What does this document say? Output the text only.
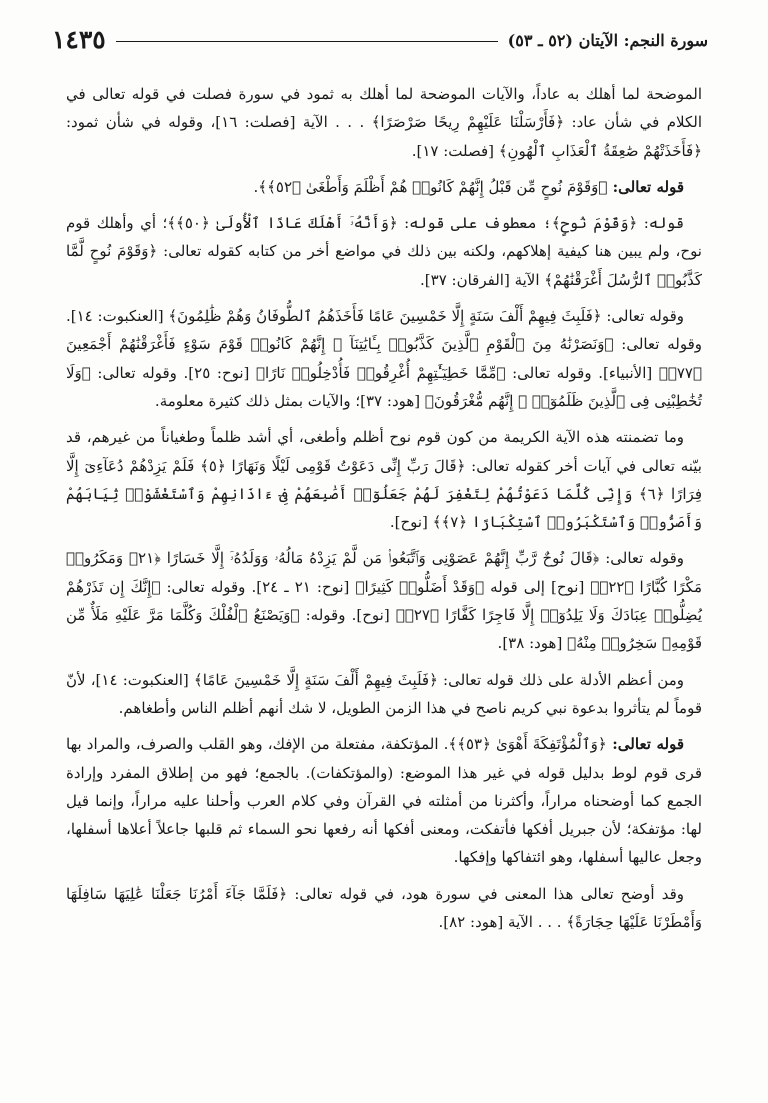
سورة النجم: الآيتان (٥٢ ـ ٥٣)
١٤٣٥

الموضحة لما أهلك به عاداً، والآيات الموضحة لما أهلك به ثمود في سورة فصلت في قوله تعالى في الكلام في شأن عاد: ﴿فَأَرْسَلْنَا عَلَيْهِمْ رِيحًا صَرْصَرًا﴾ . . . الآية [فصلت: ١٦]، وقوله في شأن ثمود: ﴿فَأَخَذَتْهُمْ صَٰعِقَةُ ٱلْعَذَابِ ٱلْهُونِ﴾ [فصلت: ١٧].

قوله تعالى: ﴿وَقَوْمَ نُوحٍ مِّن قَبْلُ إِنَّهُمْ كَانُوا۟ هُمْ أَظْلَمَ وَأَطْغَىٰ ﴿٥٢﴾﴾.

قوله: ﴿وَقَوْمَ نُوحٍ﴾؛ معطوف على قوله: ﴿وَأَنَّهُۥٓ أَهْلَكَ عَادًا ٱلْأُولَىٰ ﴿٥٠﴾﴾؛ أي وأهلك قوم نوح، ولم يبين هنا كيفية إهلاكهم، ولكنه بين ذلك في مواضع أخر من كتابه كقوله تعالى: ﴿وَقَوْمَ نُوحٍ لَّمَّا كَذَّبُوا۟ ٱلرُّسُلَ أَغْرَقْنَٰهُمْ﴾ الآية [الفرقان: ٣٧].

وقوله تعالى: ﴿فَلَبِثَ فِيهِمْ أَلْفَ سَنَةٍ إِلَّا خَمْسِينَ عَامًا فَأَخَذَهُمُ ٱلطُّوفَانُ وَهُمْ ظَٰلِمُونَ﴾ [العنكبوت: ١٤]. وقوله تعالى: ﴿وَنَصَرْنَٰهُ مِنَ ٱلْقَوْمِ ٱلَّذِينَ كَذَّبُوا۟ بِـَٔايَٰتِنَآ ۚ إِنَّهُمْ كَانُوا۟ قَوْمَ سَوْءٍ فَأَغْرَقْنَٰهُمْ أَجْمَعِينَ ﴿٧٧﴾﴾ [الأنبياء]. وقوله تعالى: ﴿مِّمَّا خَطِيٓـَٰٔتِهِمْ أُغْرِقُوا۟ فَأُدْخِلُوا۟ نَارًا﴾ [نوح: ٢٥]. وقوله تعالى: ﴿وَلَا تُخَٰطِبْنِى فِى ٱلَّذِينَ ظَلَمُوٓا۟ ۚ إِنَّهُم مُّغْرَقُونَ﴾ [هود: ٣٧]؛ والآيات بمثل ذلك كثيرة معلومة.

وما تضمنته هذه الآية الكريمة من كون قوم نوح أظلم وأطغى، أي أشد ظلماً وطغياناً من غيرهم، قد بيّنه تعالى في آيات أخر كقوله تعالى: ﴿قَالَ رَبِّ إِنِّى دَعَوْتُ قَوْمِى لَيْلًا وَنَهَارًا ﴿٥﴾ فَلَمْ يَزِدْهُمْ دُعَآءِىٓ إِلَّا فِرَارًا ﴿٦﴾ وَإِنِّى كُلَّمَا دَعَوْتُهُمْ لِتَغْفِرَ لَهُمْ جَعَلُوٓا۟ أَصَٰبِعَهُمْ فِىٓ ءَاذَانِهِمْ وَٱسْتَغْشَوْا۟ ثِيَابَهُمْ وَأَصَرُّوا۟ وَٱسْتَكْبَرُوا۟ ٱسْتِكْبَارًا ﴿٧﴾﴾ [نوح].

وقوله تعالى: ﴿قَالَ نُوحٌ رَّبِّ إِنَّهُمْ عَصَوْنِى وَٱتَّبَعُوا۟ مَن لَّمْ يَزِدْهُ مَالُهُۥ وَوَلَدُهُۥٓ إِلَّا خَسَارًا ﴿٢١﴾ وَمَكَرُوا۟ مَكْرًا كُبَّارًا ﴿٢٢﴾﴾ [نوح] إلى قوله ﴿وَقَدْ أَضَلُّوا۟ كَثِيرًا﴾ [نوح: ٢١ ـ ٢٤]. وقوله تعالى: ﴿إِنَّكَ إِن تَذَرْهُمْ يُضِلُّوا۟ عِبَادَكَ وَلَا يَلِدُوٓا۟ إِلَّا فَاجِرًا كَفَّارًا ﴿٢٧﴾﴾ [نوح]. وقوله: ﴿وَيَصْنَعُ ٱلْفُلْكَ وَكُلَّمَا مَرَّ عَلَيْهِ مَلَأٌ مِّن قَوْمِهِۦ سَخِرُوا۟ مِنْهُ﴾ [هود: ٣٨].

ومن أعظم الأدلة على ذلك قوله تعالى: ﴿فَلَبِثَ فِيهِمْ أَلْفَ سَنَةٍ إِلَّا خَمْسِينَ عَامًا﴾ [العنكبوت: ١٤]، لأنّ قوماً لم يتأثروا بدعوة نبي كريم ناصح في هذا الزمن الطويل، لا شك أنهم أظلم الناس وأطغاهم.

قوله تعالى: ﴿وَٱلْمُؤْتَفِكَةَ أَهْوَىٰ ﴿٥٣﴾﴾. المؤتكفة، مفتعلة من الإفك، وهو القلب والصرف، والمراد بها قرى قوم لوط بدليل قوله في غير هذا الموضع: (والمؤتكفات). بالجمع؛ فهو من إطلاق المفرد وإرادة الجمع كما أوضحناه مراراً، وأكثرنا من أمثلته في القرآن وفي كلام العرب وأحلنا عليه مراراً، وإنما قيل لها: مؤتفكة؛ لأن جبريل أفكها فأتفكت، ومعنى أفكها أنه رفعها نحو السماء ثم قلبها جاعلاً أعلاها أسفلها، وجعل عاليها أسفلها، وهو ائتفاكها وإفكها.

وقد أوضح تعالى هذا المعنى في سورة هود، في قوله تعالى: ﴿فَلَمَّا جَآءَ أَمْرُنَا جَعَلْنَا عَٰلِيَهَا سَافِلَهَا وَأَمْطَرْنَا عَلَيْهَا حِجَارَةً﴾ . . . الآية [هود: ٨٢].
